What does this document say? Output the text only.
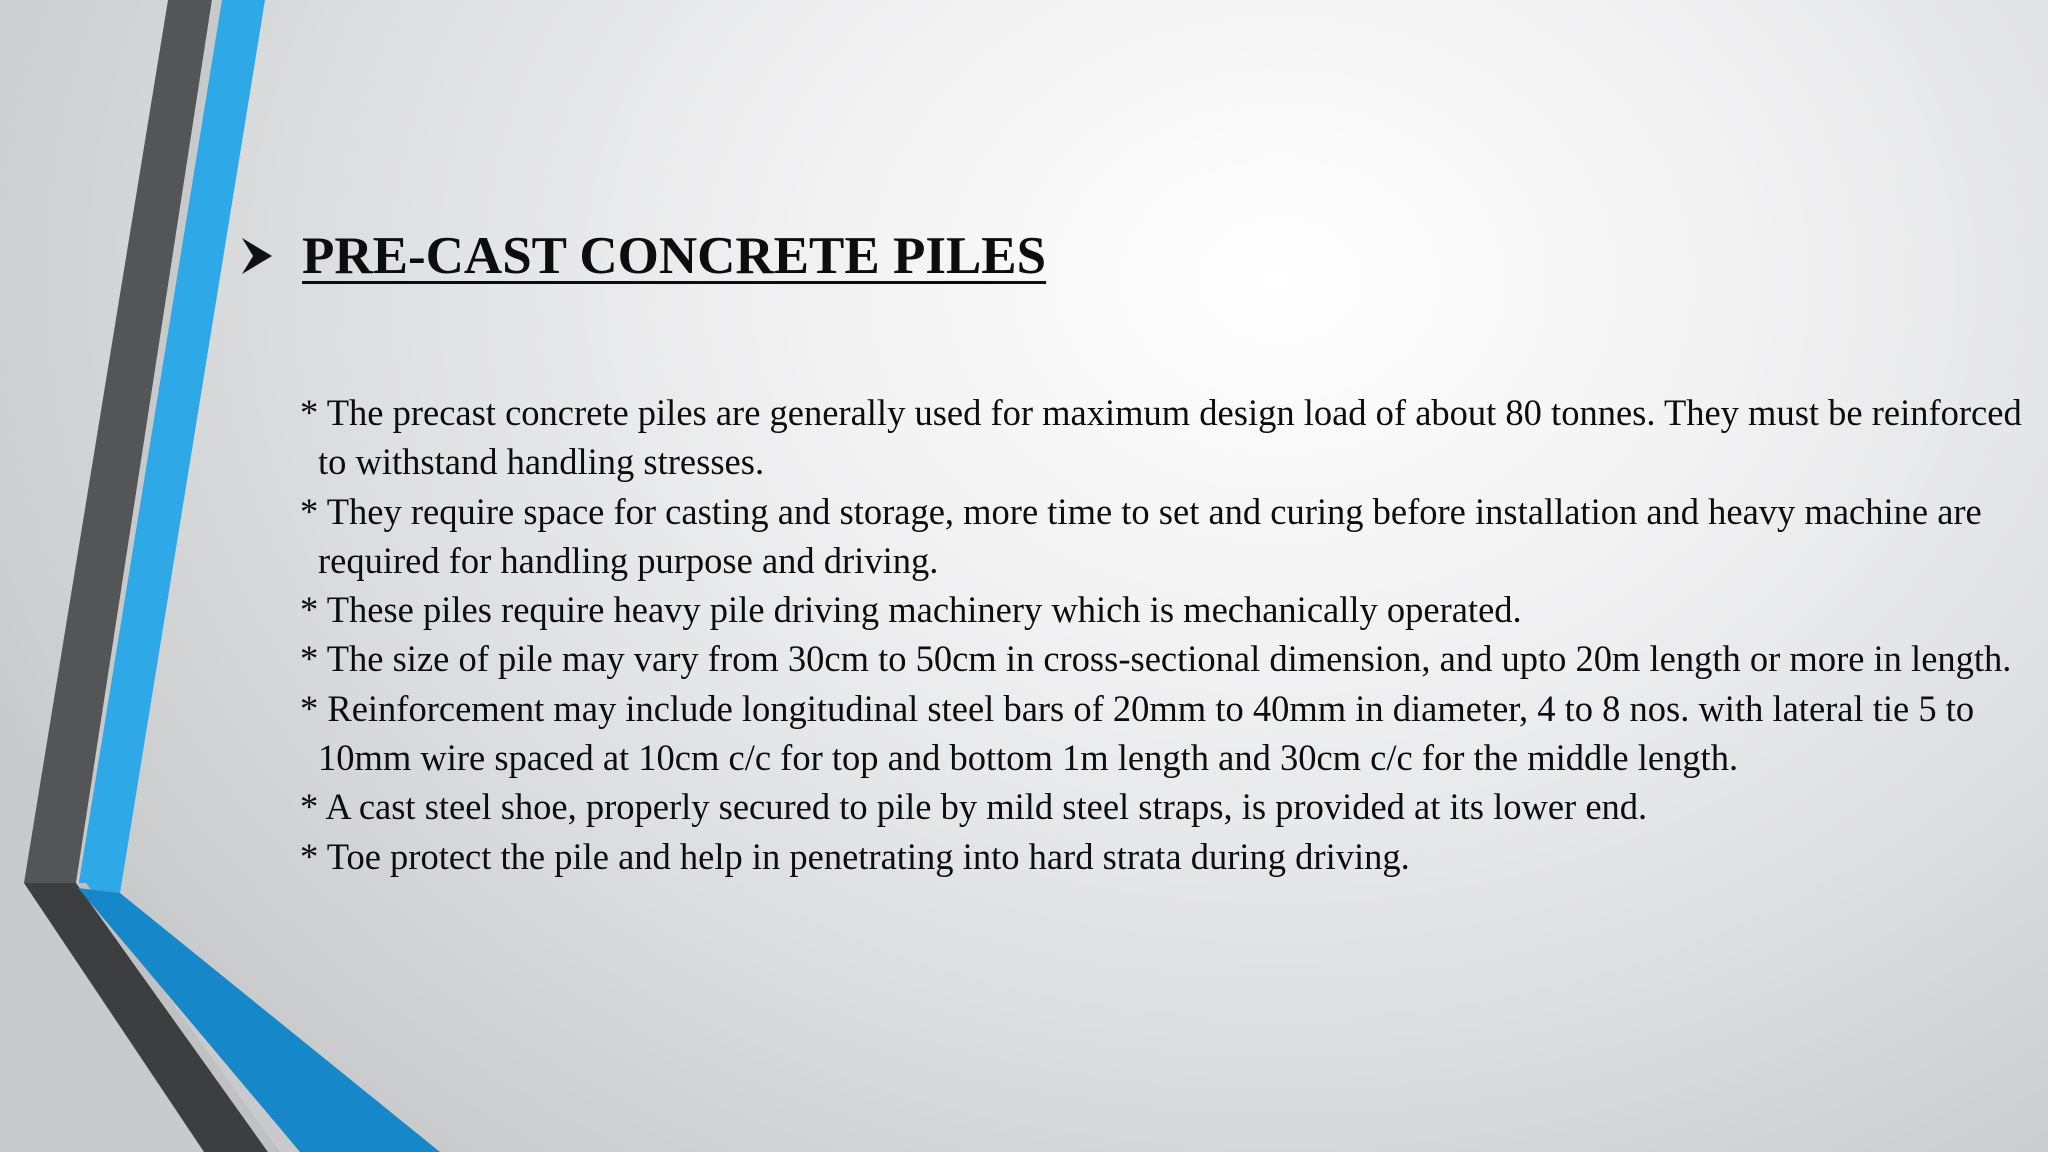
PRE-CAST CONCRETE PILES
* The precast concrete piles are generally used for maximum design load of about 80 tonnes. They must be reinforced to withstand handling stresses.
* They require space for casting and storage, more time to set and curing before installation and heavy machine are required for handling purpose and driving.
* These piles require heavy pile driving machinery which is mechanically operated.
* The size of pile may vary from 30cm to 50cm in cross-sectional dimension, and upto 20m length or more in length.
* Reinforcement may include longitudinal steel bars of 20mm to 40mm in diameter, 4 to 8 nos. with lateral tie 5 to 10mm wire spaced at 10cm c/c for top and bottom 1m length and 30cm c/c for the middle length.
* A cast steel shoe, properly secured to pile by mild steel straps, is provided at its lower end.
* Toe protect the pile and help in penetrating into hard strata during driving.
